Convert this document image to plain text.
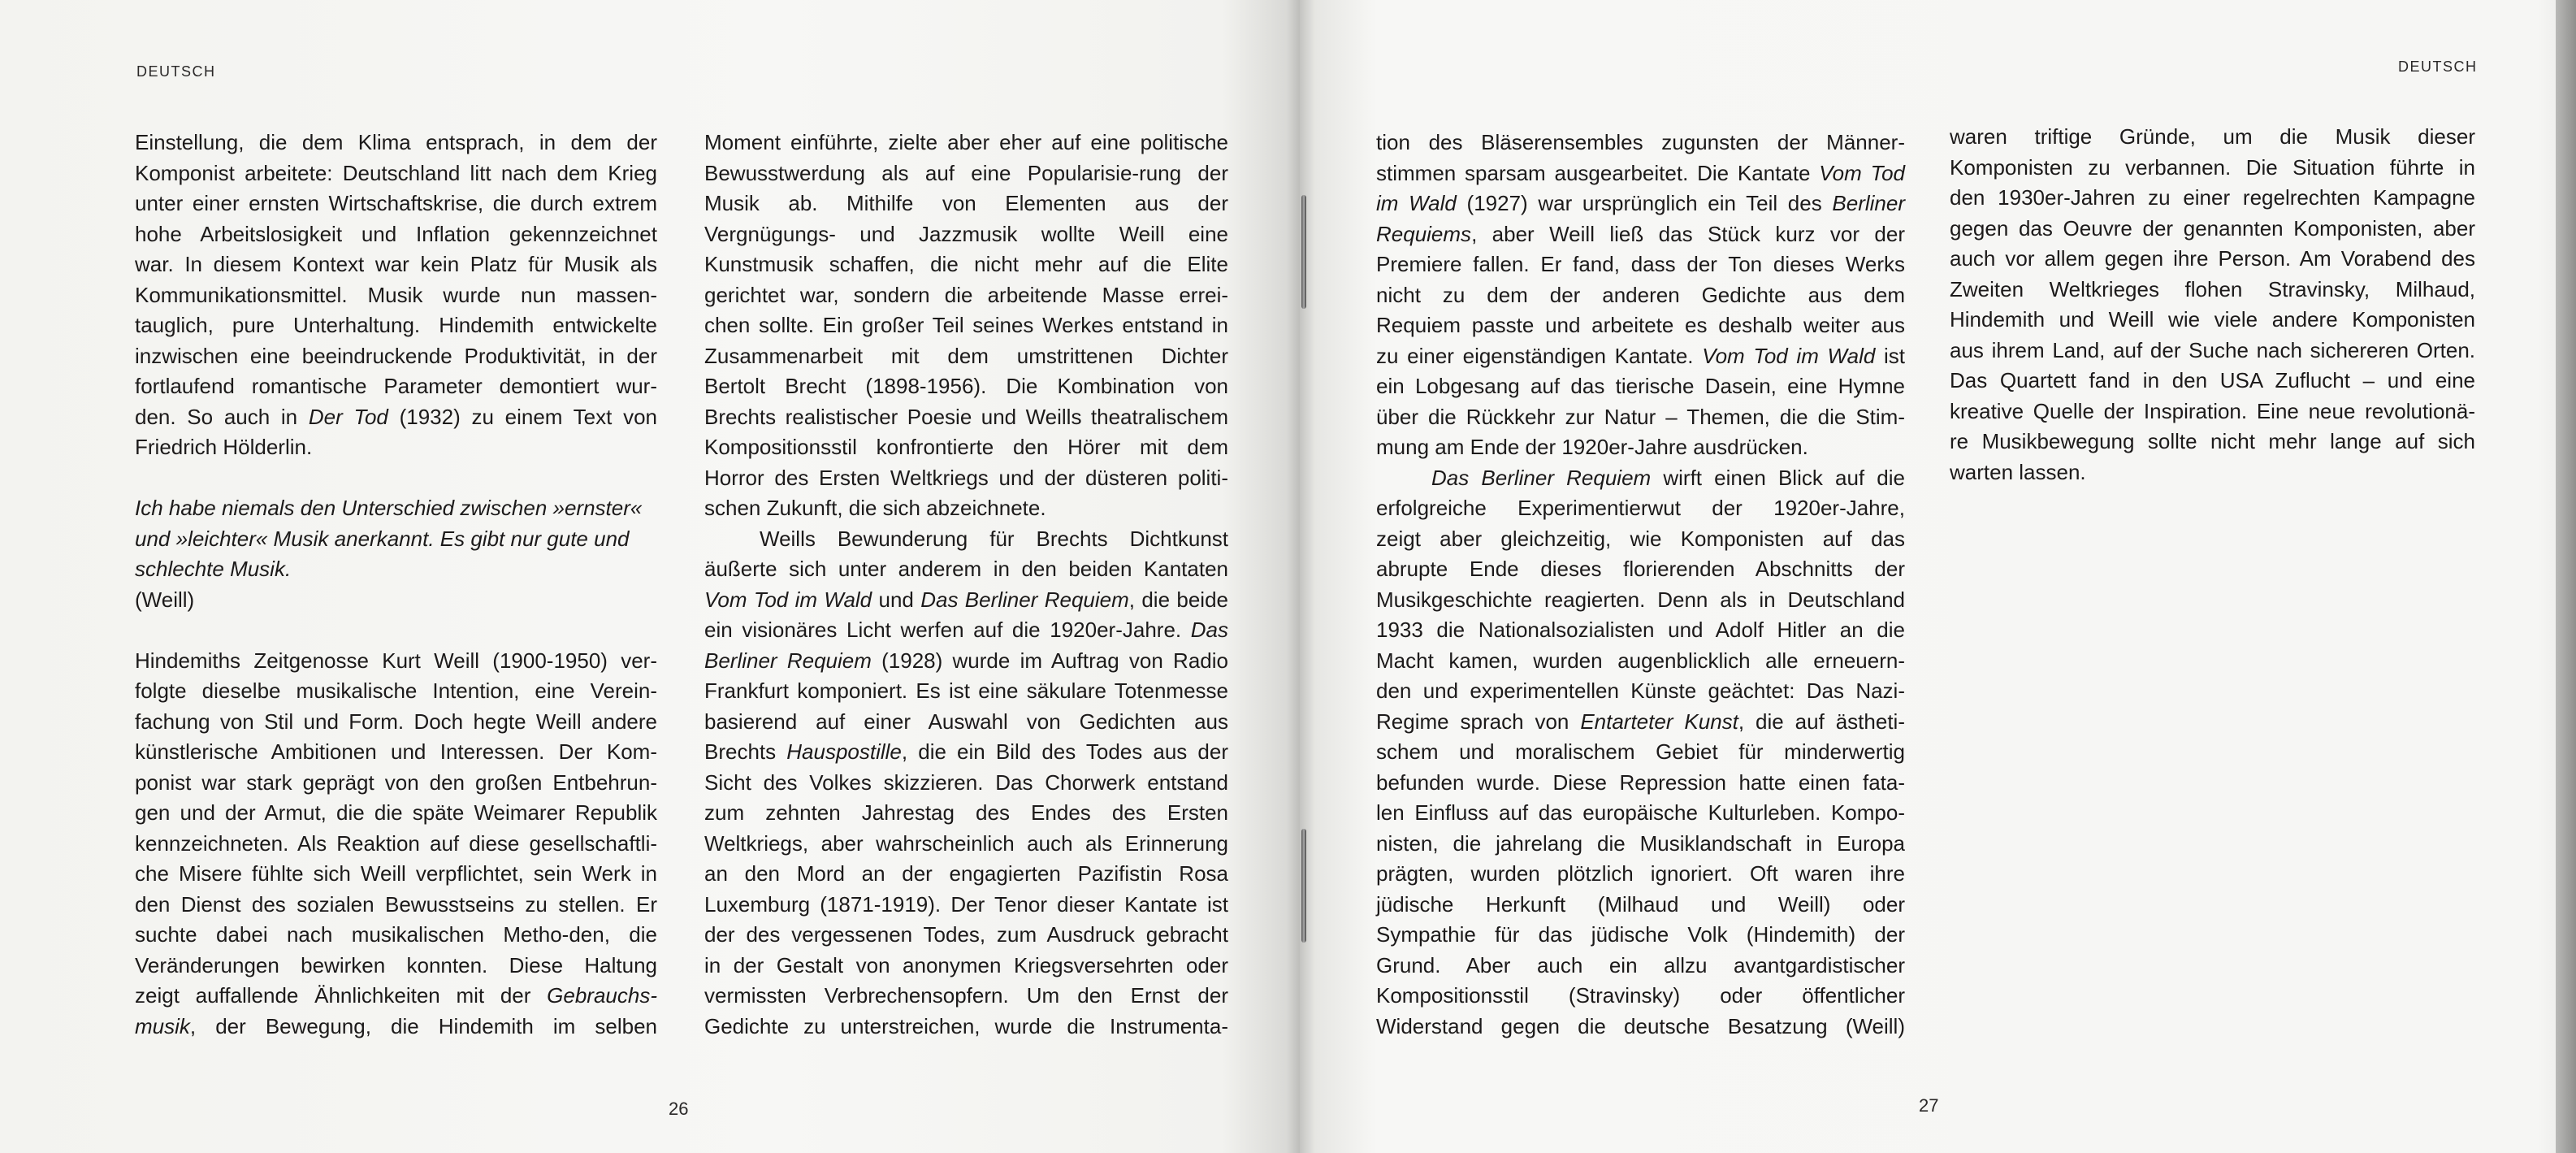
DEUTSCH
Einstellung, die dem Klima entsprach, in dem der
Komponist arbeitete: Deutschland litt nach dem Krieg
unter einer ernsten Wirtschaftskrise, die durch extrem
hohe Arbeitslosigkeit und Inflation gekennzeichnet
war. In diesem Kontext war kein Platz für Musik als
Kommunikationsmittel. Musik wurde nun massen-
tauglich, pure Unterhaltung. Hindemith entwickelte
inzwischen eine beeindruckende Produktivität, in der
fortlaufend romantische Parameter demontiert wur-
den. So auch in Der Tod (1932) zu einem Text von
Friedrich Hölderlin.
Ich habe niemals den Unterschied zwischen »ernster«
und »leichter« Musik anerkannt. Es gibt nur gute und
schlechte Musik.
(Weill)
Hindemiths Zeitgenosse Kurt Weill (1900-1950) ver-
folgte dieselbe musikalische Intention, eine Verein-
fachung von Stil und Form. Doch hegte Weill andere
künstlerische Ambitionen und Interessen. Der Kom-
ponist war stark geprägt von den großen Entbehrun-
gen und der Armut, die die späte Weimarer Republik
kennzeichneten. Als Reaktion auf diese gesellschaftli-
che Misere fühlte sich Weill verpflichtet, sein Werk in
den Dienst des sozialen Bewusstseins zu stellen. Er
suchte dabei nach musikalischen Metho-den, die
Veränderungen bewirken konnten. Diese Haltung
zeigt auffallende Ähnlichkeiten mit der Gebrauchs-
musik, der Bewegung, die Hindemith im selben
Moment einführte, zielte aber eher auf eine politische
Bewusstwerdung als auf eine Popularisie-rung der
Musik ab. Mithilfe von Elementen aus der
Vergnügungs- und Jazzmusik wollte Weill eine
Kunstmusik schaffen, die nicht mehr auf die Elite
gerichtet war, sondern die arbeitende Masse errei-
chen sollte. Ein großer Teil seines Werkes entstand in
Zusammenarbeit mit dem umstrittenen Dichter
Bertolt Brecht (1898-1956). Die Kombination von
Brechts realistischer Poesie und Weills theatralischem
Kompositionsstil konfrontierte den Hörer mit dem
Horror des Ersten Weltkriegs und der düsteren politi-
schen Zukunft, die sich abzeichnete.
Weills Bewunderung für Brechts Dichtkunst
äußerte sich unter anderem in den beiden Kantaten
Vom Tod im Wald und Das Berliner Requiem, die beide
ein visionäres Licht werfen auf die 1920er-Jahre. Das
Berliner Requiem (1928) wurde im Auftrag von Radio
Frankfurt komponiert. Es ist eine säkulare Totenmesse
basierend auf einer Auswahl von Gedichten aus
Brechts Hauspostille, die ein Bild des Todes aus der
Sicht des Volkes skizzieren. Das Chorwerk entstand
zum zehnten Jahrestag des Endes des Ersten
Weltkriegs, aber wahrscheinlich auch als Erinnerung
an den Mord an der engagierten Pazifistin Rosa
Luxemburg (1871-1919). Der Tenor dieser Kantate ist
der des vergessenen Todes, zum Ausdruck gebracht
in der Gestalt von anonymen Kriegsversehrten oder
vermissten Verbrechensopfern. Um den Ernst der
Gedichte zu unterstreichen, wurde die Instrumenta-
26
DEUTSCH
tion des Bläserensembles zugunsten der Männer-
stimmen sparsam ausgearbeitet. Die Kantate Vom Tod
im Wald (1927) war ursprünglich ein Teil des Berliner
Requiems, aber Weill ließ das Stück kurz vor der
Premiere fallen. Er fand, dass der Ton dieses Werks
nicht zu dem der anderen Gedichte aus dem
Requiem passte und arbeitete es deshalb weiter aus
zu einer eigenständigen Kantate. Vom Tod im Wald ist
ein Lobgesang auf das tierische Dasein, eine Hymne
über die Rückkehr zur Natur – Themen, die die Stim-
mung am Ende der 1920er-Jahre ausdrücken.
Das Berliner Requiem wirft einen Blick auf die
erfolgreiche Experimentierwut der 1920er-Jahre,
zeigt aber gleichzeitig, wie Komponisten auf das
abrupte Ende dieses florierenden Abschnitts der
Musikgeschichte reagierten. Denn als in Deutschland
1933 die Nationalsozialisten und Adolf Hitler an die
Macht kamen, wurden augenblicklich alle erneuern-
den und experimentellen Künste geächtet: Das Nazi-
Regime sprach von Entarteter Kunst, die auf ästheti-
schem und moralischem Gebiet für minderwertig
befunden wurde. Diese Repression hatte einen fata-
len Einfluss auf das europäische Kulturleben. Kompo-
nisten, die jahrelang die Musiklandschaft in Europa
prägten, wurden plötzlich ignoriert. Oft waren ihre
jüdische Herkunft (Milhaud und Weill) oder
Sympathie für das jüdische Volk (Hindemith) der
Grund. Aber auch ein allzu avantgardistischer
Kompositionsstil (Stravinsky) oder öffentlicher
Widerstand gegen die deutsche Besatzung (Weill)
waren triftige Gründe, um die Musik dieser
Komponisten zu verbannen. Die Situation führte in
den 1930er-Jahren zu einer regelrechten Kampagne
gegen das Oeuvre der genannten Komponisten, aber
auch vor allem gegen ihre Person. Am Vorabend des
Zweiten Weltkrieges flohen Stravinsky, Milhaud,
Hindemith und Weill wie viele andere Komponisten
aus ihrem Land, auf der Suche nach sichereren Orten.
Das Quartett fand in den USA Zuflucht – und eine
kreative Quelle der Inspiration. Eine neue revolutionä-
re Musikbewegung sollte nicht mehr lange auf sich
warten lassen.
27
